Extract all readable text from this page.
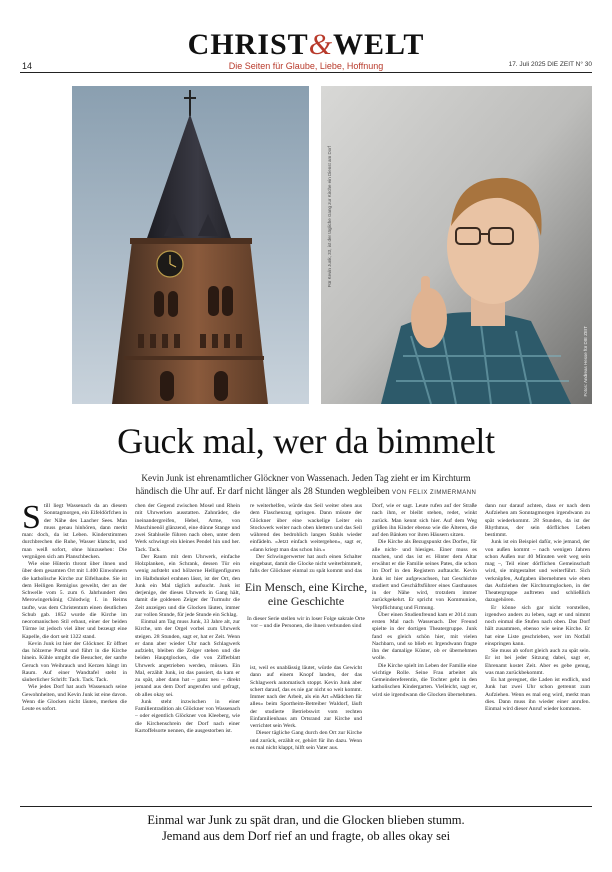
CHRIST&WELT
14	Die Seiten für Glaube, Liebe, Hoffnung	17. Juli 2025 DIE ZEIT N° 30
Für Kevin Junk, 33, ist der tägliche Gang zur Kirche ein Dienst am Dorf
Fotos: Andreas Hesse für DIE ZEIT
Guck mal, wer da bimmelt
Kevin Junk ist ehrenamtlicher Glöckner von Wassenach. Jeden Tag zieht er im Kirchturm händisch die Uhr auf. Er darf nicht länger als 28 Stunden wegbleiben VON FELIX ZIMMERMANN

Still liegt Wassenach da an diesem Sonntagmorgen, ein Eifeldörfchen in der Nähe des Laacher Sees. Man muss genau hinhören, dann merkt man: doch, da ist Leben. Kinderstimmen durchbrechen die Ruhe, Wasser klatscht, und man weiß sofort, ohne hinzusehen: Die vergnügen sich am Planschbecken.

Wie eine Hüterin thront über ihnen und über dem gesamten Ort mit 1.400 Einwohnern die katholische Kirche zur Eifelhaube. Sie ist dem Heiligen Remigius geweiht, der an der Schwelle vom 5. zum 6. Jahrhundert den Merowingerkönig Chlodwig I. in Reims taufte, was dem Christentum einen deutlichen Schub gab. 1852 wurde die Kirche im neoromanischen Stil erbaut, einer der beiden Türme ist jedoch viel älter und bezeugt eine Kapelle, die dort seit 1322 stand.

Kevin Junk ist hier der Glöckner. Er öffnet das hölzerne Portal und führt in die Kirche hinein. Kühle umgibt die Besucher, der sanfte Geruch von Weihrauch und Kerzen hängt im Raum. Auf einer Wandtafel steht in säuberlicher Schrift: Tack. Tack. Tack.

Wie jedes Dorf hat auch Wassenach seine Gewohnheiten, und Kevin Junk ist eine davon. Wenn die Glocken nicht läuten, merken die Leute es sofort.

chen der Gegend zwischen Mosel und Rhein mit Uhrwerken ausstatten. Zahnräder, die ineinandergreifen, Hebel, Arme, von Maschinenöl glänzend, eine dünne Stange und zwei Stahlseile führen nach oben, unter dem Werk schwingt ein kleines Pendel hin und her. Tack. Tack.

Der Raum mit dem Uhrwerk, einfache Holzplanken, ein Schrank, dessen Tür ein wenig aufsteht und hölzerne Helligenfiguren im Halbdunkel erahnen lässt, ist der Ort, den Junk ein Mal täglich aufsucht. Junk ist derjenige, der dieses Uhrwerk in Gang hält, damit die goldenen Zeiger der Turmuhr die Zeit anzeigen und die Glocken läuten, immer zur vollen Stunde, für jede Stunde ein Schlag.

Einmal am Tag muss Junk, 33 Jahre alt, zur Kirche, um der Orgel vorbei zum Uhrwerk steigen. 28 Stunden, sagt er, hat er Zeit. Wenn er dann aber wieder Uhr nach Schlagwerk aufzieht, bleiben die Zeiger stehen und die beiden Hauptglocken, die von Zifferblatt Uhrwerk angetrieben werden, müssen. Ein Mal, erzählt Junk, ist das passiert, da kam er zu spät, aber dann hat – ganz neu – direkt jemand aus dem Dorf angerufen und gefragt, ob alles okay sei.

Junk steht inzwischen in einer Familientradition als Glöckner von Wassenach – oder eigentlich Glöckner von Kleeberg, wie die Kirchenschrein der Dorf nach einer Kartoffelsorte nennen, die ausgestorben ist.

re weiterhelfen, würde das Seil weiter oben aus dem Flaschenzug springen. Dann müsste der Glöckner über eine wackelige Leiter ein Stockwerk weiter nach oben klettern und das Seil während des bedrohlich langen Stahls wieder einfädeln. »Jetzt einfach weitergehen«, sagt er, »dann kriegt man das schon hin.«

Der Schwingerwerter hat auch einen Schalter eingebaut, damit die Glocke nicht weiterbimmelt, falls der Glöckner einmal zu spät kommt und das

Ein Mensch, eine Kirche, eine Geschichte
In dieser Serie stellen wir in loser Folge sakrale Orte vor – und die Personen, die ihnen verbunden sind

ist, weil es unablässig läutet, würde das Gewicht dann auf einem Knopf landen, der das Schlagwerk automatisch stoppt. Kevin Junk aber schert darauf, das es nie gar nicht so weit kommt. Immer nach der Arbeit, als ein Art »Mädchen für alles« beim Sportheim-Betreiber Waldorf, läuft der studierte Betriebswirt vom rechten Einfamilienhaus am Ortsrand zur Kirche und verrichtet sein Werk.

Dieser tägliche Gang durch den Ort zur Kirche und zurück, erzählt er, gehört für ihn dazu. Wenn es mal nicht klappt, hilft sein Vater aus.

Dorf, wie er sagt. Leute rufen auf der Straße nach ihm, er bleibt stehen, redet, winkt zurück. Man kennt sich hier. Auf dem Weg grüßen ihn Kinder ebenso wie die Älteren, die auf den Bänken vor ihren Häusern sitzen.

Die Kirche als Bezugspunkt des Dorfes, für alle nicht- und hiesiges. Einer muss es machen, und das ist er. Hinter dem Altar erwähnt er die Familie seines Pates, die schon im Dorf in den Registern auftaucht. Kevin Junk ist hier aufgewachsen, hat Geschichte studiert und Geschäftsführer eines Gasthauses in der Nähe wird, trotzdem immer zurückgekehrt. Er spricht von Kommunion, Verpflichtung und Firmung.

Über einen Studienfreund kam er 2014 zum ersten Mal nach Wassenach. Der Freund spielte in der dortigen Theatergruppe. Junk fand es gleich schön hier, mit vielen Nachbarn, und so blieb er. Irgendwann fragte ihn der damalige Küster, ob er übernehmen wolle.

Die Kirche spielt im Leben der Familie eine wichtige Rolle. Seine Frau arbeitet als Gemeindereferentin, die Tochter geht in den katholischen Kindergarten. Vielleicht, sagt er, wird sie irgendwann die Glocken übernehmen.

dann nur darauf achten, dass er nach dem Aufziehen am Sonntagmorgen irgendwann zu spät wiederkommt. 28 Stunden, da ist der Rhythmus, der sein dörfliches Leben bestimmt.

Junk ist ein Beispiel dafür, wie jemand, der von außen kommt – nach wenigen Jahren schon Außen nur 40 Minuten weit weg sein mag –, Teil einer dörflichen Gemeinschaft wird, sie mitgestaltet und weiterführt. Sich verknüpfen, Aufgaben übernehmen wie eben das Aufziehen der Kirchturmglocken, in der Theatergruppe auftreten und schließlich dazugehören.

Er könne sich gar nicht vorstellen, irgendwo anders zu leben, sagt er und nimmt noch einmal die Stufen nach oben. Das Dorf hält zusammen, ebenso wie seine Kirche. Er hat eine Liste geschrieben, wer im Notfall einspringen kann.

Sie muss ab sofort gleich auch zu spät sein. Er ist bei jeder Sitzung dabei, sagt er, Ehrenamt kostet Zeit. Aber es gebe genug, was man zurückbekommt.

Es hat geregnet, die Laden ist endlich, und Junk hat zwei Uhr schon getrennt zum Aufziehen. Wenn es mal eng wird, merkt man dies. Dann muss ihn wieder einer anrufen. Einmal wird dieser Anruf wieder kommen.

Einmal war Junk zu spät dran, und die Glocken blieben stumm.
Jemand aus dem Dorf rief an und fragte, ob alles okay sei
